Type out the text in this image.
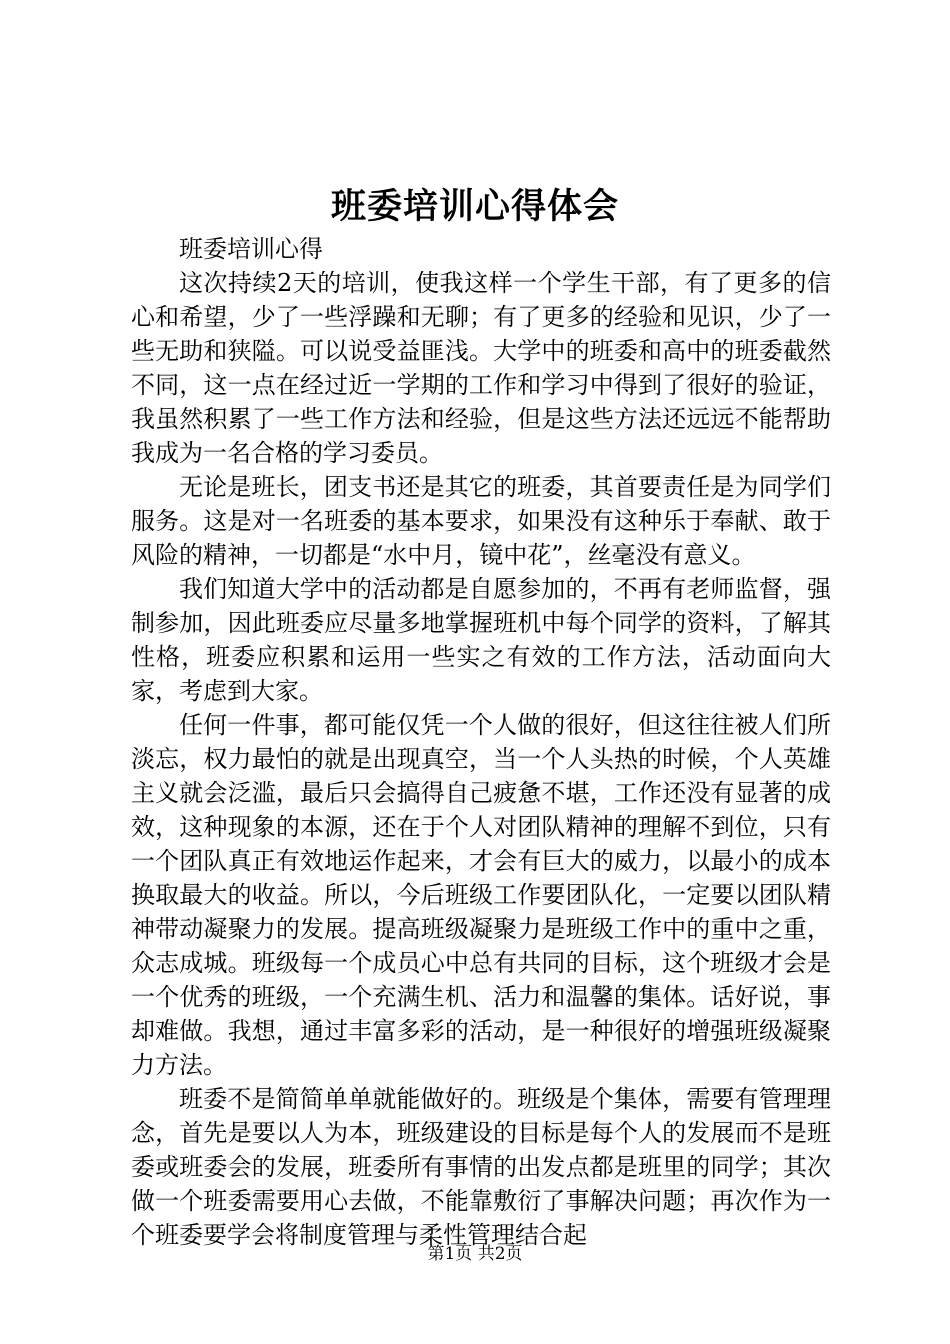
班委培训心得体会

班委培训心得

这次持续2天的培训，使我这样一个学生干部，有了更多的信心和希望，少了一些浮躁和无聊；有了更多的经验和见识，少了一些无助和狭隘。可以说受益匪浅。大学中的班委和高中的班委截然不同，这一点在经过近一学期的工作和学习中得到了很好的验证，我虽然积累了一些工作方法和经验，但是这些方法还远远不能帮助我成为一名合格的学习委员。

无论是班长，团支书还是其它的班委，其首要责任是为同学们服务。这是对一名班委的基本要求，如果没有这种乐于奉献、敢于风险的精神，一切都是“水中月，镜中花”，丝毫没有意义。

我们知道大学中的活动都是自愿参加的，不再有老师监督，强制参加，因此班委应尽量多地掌握班机中每个同学的资料，了解其性格，班委应积累和运用一些实之有效的工作方法，活动面向大家，考虑到大家。

任何一件事，都可能仅凭一个人做的很好，但这往往被人们所淡忘，权力最怕的就是出现真空，当一个人头热的时候，个人英雄主义就会泛滥，最后只会搞得自己疲惫不堪，工作还没有显著的成效，这种现象的本源，还在于个人对团队精神的理解不到位，只有一个团队真正有效地运作起来，才会有巨大的威力，以最小的成本换取最大的收益。所以，今后班级工作要团队化，一定要以团队精神带动凝聚力的发展。提高班级凝聚力是班级工作中的重中之重，众志成城。班级每一个成员心中总有共同的目标，这个班级才会是一个优秀的班级，一个充满生机、活力和温馨的集体。话好说，事却难做。我想，通过丰富多彩的活动，是一种很好的增强班级凝聚力方法。

班委不是简简单单就能做好的。班级是个集体，需要有管理理念，首先是要以人为本，班级建设的目标是每个人的发展而不是班委或班委会的发展，班委所有事情的出发点都是班里的同学；其次做一个班委需要用心去做，不能靠敷衍了事解决问题；再次作为一个班委要学会将制度管理与柔性管理结合起

第1页 共2页
